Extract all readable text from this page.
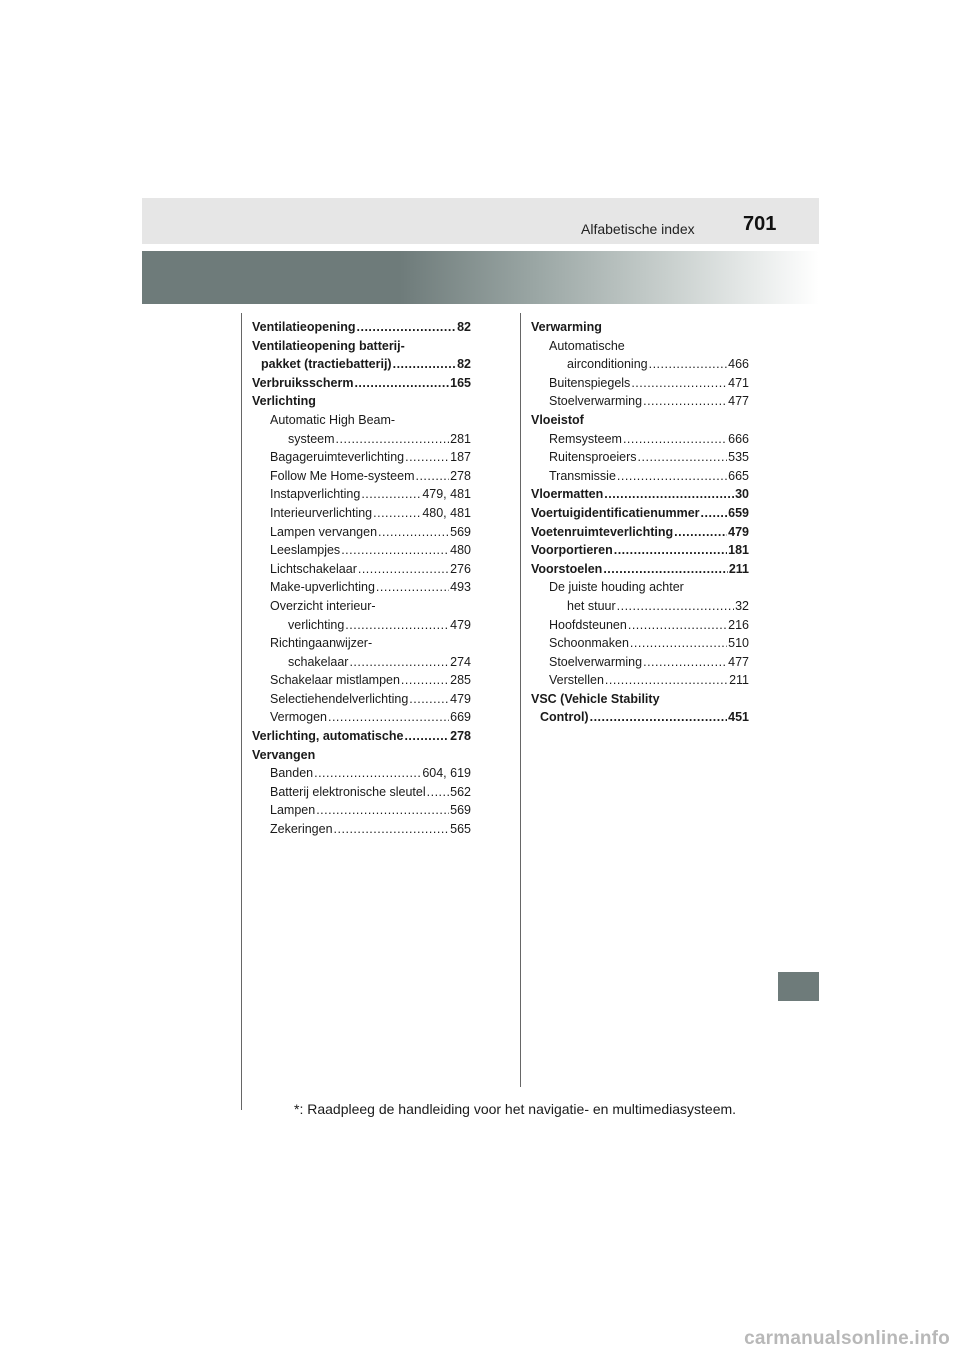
Alfabetische index 701
Ventilatieopening .....	82
Ventilatieopening batterij-
pakket (tractiebatterij) .....	82
Verbruiksscherm .....	165
Verlichting
Automatic High Beam-
systeem .....	281
Bagageruimteverlichting .....	187
Follow Me Home-systeem .....	278
Instapverlichting .....	479, 481
Interieurverlichting .....	480, 481
Lampen vervangen .....	569
Leeslampjes .....	480
Lichtschakelaar .....	276
Make-upverlichting .....	493
Overzicht interieur-
verlichting .....	479
Richtingaanwijzer-
schakelaar .....	274
Schakelaar mistlampen .....	285
Selectiehendelverlichting .....	479
Vermogen .....	669
Verlichting, automatische .....	278
Vervangen
Banden .....	604, 619
Batterij elektronische sleutel ..... 562
Lampen .....	569
Zekeringen .....	565
Verwarming
Automatische
airconditioning .....	466
Buitenspiegels .....	471
Stoelverwarming .....	477
Vloeistof
Remsysteem .....	666
Ruitensproeiers .....	535
Transmissie .....	665
Vloermatten .....	30
Voertuigidentificatienummer ..... 659
Voetenruimteverlichting .....	479
Voorportieren .....	181
Voorstoelen .....	211
De juiste houding achter
het stuur .....	32
Hoofdsteunen .....	216
Schoonmaken .....	510
Stoelverwarming .....	477
Verstellen .....	211
VSC (Vehicle Stability
Control) .....	451
*: Raadpleeg de handleiding voor het navigatie- en multimediasysteem.
carmanualsonline.info
